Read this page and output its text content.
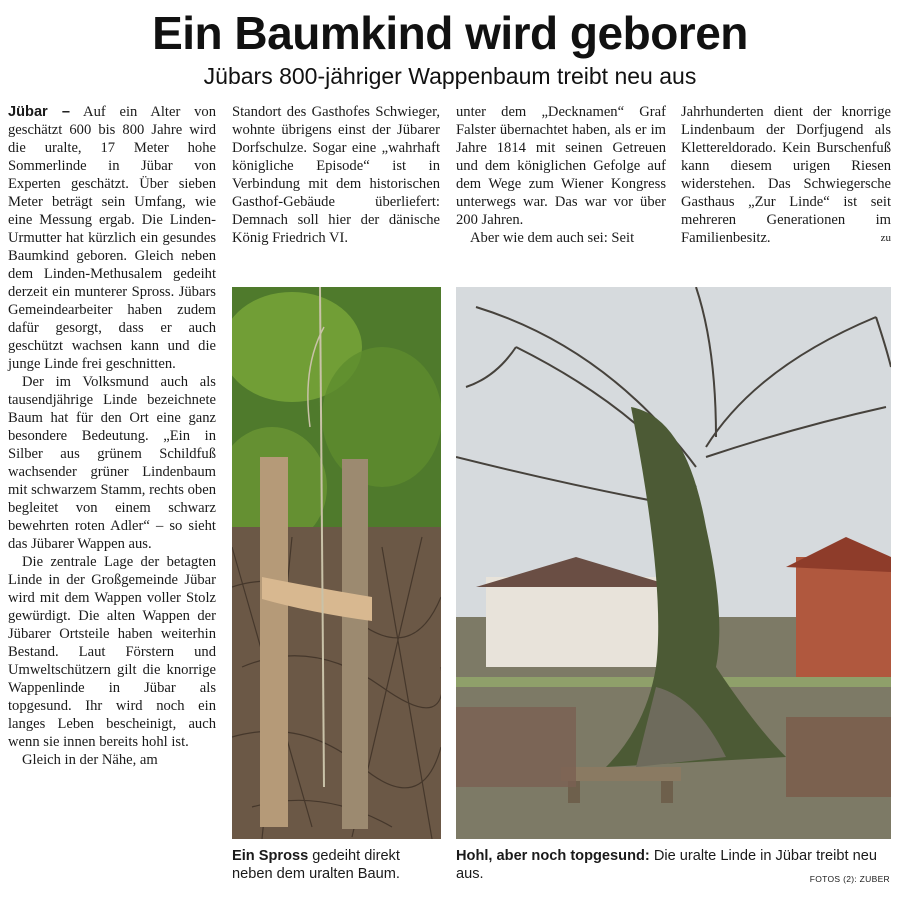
Ein Baumkind wird geboren
Jübars 800-jähriger Wappenbaum treibt neu aus

Jübar – Auf ein Alter von geschätzt 600 bis 800 Jahre wird die uralte, 17 Meter hohe Sommerlinde in Jübar von Experten geschätzt. Über sieben Meter beträgt sein Umfang, wie eine Messung ergab. Die Linden-Urmutter hat kürzlich ein gesundes Baumkind geboren. Gleich neben dem Linden-Methusalem gedeiht derzeit ein munterer Spross. Jübars Gemeindearbeiter haben zudem dafür gesorgt, dass er auch geschützt wachsen kann und die junge Linde frei geschnitten.

Der im Volksmund auch als tausendjährige Linde bezeichnete Baum hat für den Ort eine ganz besondere Bedeutung. „Ein in Silber aus grünem Schildfuß wachsender grüner Lindenbaum mit schwarzem Stamm, rechts oben begleitet von einem schwarz bewehrten roten Adler“ – so sieht das Jübarer Wappen aus.

Die zentrale Lage der betagten Linde in der Großgemeinde Jübar wird mit dem Wappen voller Stolz gewürdigt. Die alten Wappen der Jübarer Ortsteile haben weiterhin Bestand. Laut Förstern und Umweltschützern gilt die knorrige Wappenlinde in Jübar als topgesund. Ihr wird noch ein langes Leben bescheinigt, auch wenn sie innen bereits hohl ist.

Gleich in der Nähe, am

Standort des Gasthofes Schwieger, wohnte übrigens einst der Jübarer Dorfschulze. Sogar eine „wahrhaft königliche Episode“ ist in Verbindung mit dem historischen Gasthof-Gebäude überliefert: Demnach soll hier der dänische König Friedrich VI.

unter dem „Decknamen“ Graf Falster übernachtet haben, als er im Jahre 1814 mit seinen Getreuen und dem königlichen Gefolge auf dem Wege zum Wiener Kongress unterwegs war. Das war vor über 200 Jahren.

Aber wie dem auch sei: Seit

Jahrhunderten dient der knorrige Lindenbaum der Dorfjugend als Klettereldorado. Kein Burschenfuß kann diesem urigen Riesen widerstehen. Das Schwiegersche Gasthaus „Zur Linde“ ist seit mehreren Generationen im Familienbesitz.	zu

Ein Spross gedeiht direkt neben dem uralten Baum.
Hohl, aber noch topgesund: Die uralte Linde in Jübar treibt neu aus.	FOTOS (2): ZUBER
